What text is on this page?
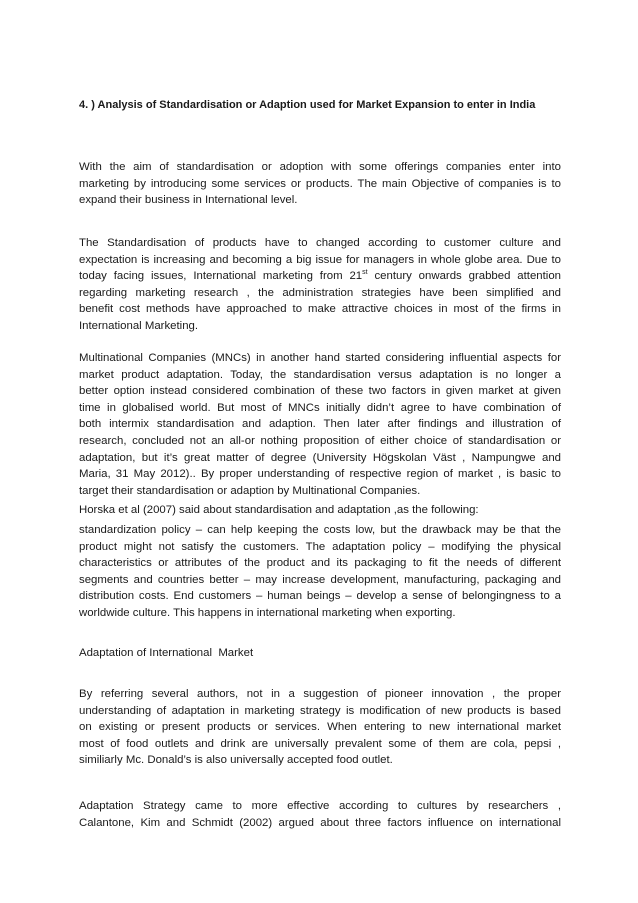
4. ) Analysis of Standardisation or Adaption used for Market Expansion to enter in India

With the aim of standardisation or adoption with some offerings companies enter into
marketing by introducing some services or products. The main Objective of companies is to
expand their business in International level.

The Standardisation of products have to changed according to customer culture and
expectation is increasing and becoming a big issue for managers in whole globe area. Due to
today facing issues, International marketing from 21st century onwards grabbed attention
regarding marketing research , the administration strategies have been simplified and
benefit cost methods have approached to make attractive choices in most of the firms in
International Marketing.

Multinational Companies (MNCs) in another hand started considering influential aspects for
market product adaptation. Today, the standardisation versus adaptation is no longer a
better option instead considered combination of these two factors in given market at given
time in globalised world. But most of MNCs initially didn’t agree to have combination of
both intermix standardisation and adaption. Then later after findings and illustration of
research, concluded not an all-or nothing proposition of either choice of standardisation or
adaptation, but it’s great matter of degree (University Högskolan Väst , Nampungwe and
Maria, 31 May 2012).. By proper understanding of respective region of market , is basic to
target their standardisation or adaption by Multinational Companies.

Horska et al (2007) said about standardisation and adaptation ,as the following:

standardization policy – can help keeping the costs low, but the drawback may be that the
product might not satisfy the customers. The adaptation policy – modifying the physical
characteristics or attributes of the product and its packaging to fit the needs of different
segments and countries better – may increase development, manufacturing, packaging and
distribution costs. End customers – human beings – develop a sense of belongingness to a
worldwide culture. This happens in international marketing when exporting.

Adaptation of International  Market

By referring several authors, not in a suggestion of pioneer innovation , the proper
understanding of adaptation in marketing strategy is modification of new products is based
on existing or present products or services. When entering to new international market
most of food outlets and drink are universally prevalent some of them are cola, pepsi ,
similiarly Mc. Donald’s is also universally accepted food outlet.

Adaptation Strategy came to more effective according to cultures by researchers ,
Calantone, Kim and Schmidt (2002) argued about three factors influence on international
